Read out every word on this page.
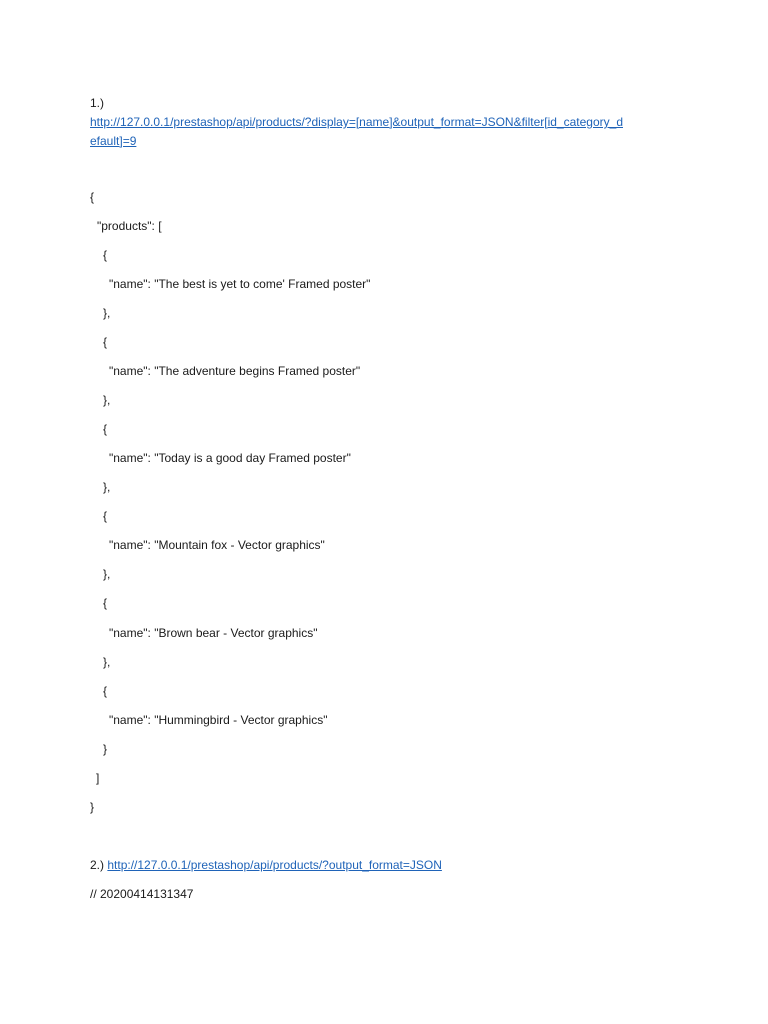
1.)
http://127.0.0.1/prestashop/api/products/?display=[name]&output_format=JSON&filter[id_category_d
efault]=9
{
"products": [
{
"name": "The best is yet to come' Framed poster"
},
{
"name": "The adventure begins Framed poster"
},
{
"name": "Today is a good day Framed poster"
},
{
"name": "Mountain fox - Vector graphics"
},
{
"name": "Brown bear - Vector graphics"
},
{
"name": "Hummingbird - Vector graphics"
}
]
}
2.) http://127.0.0.1/prestashop/api/products/?output_format=JSON
// 20200414131347
